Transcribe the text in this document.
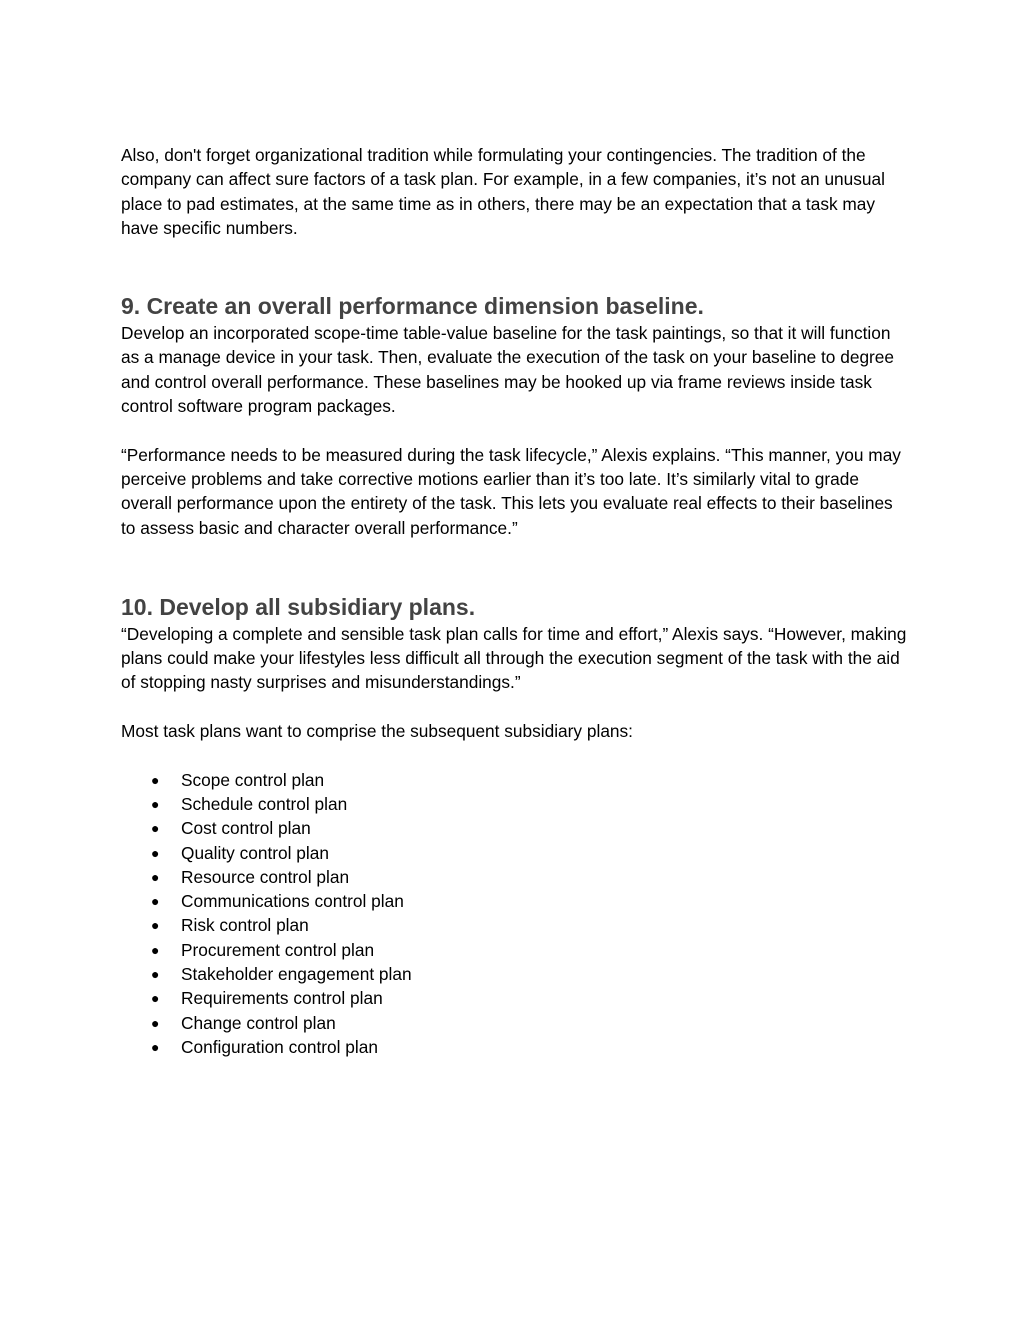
Also, don't forget organizational tradition while formulating your contingencies. The tradition of the company can affect sure factors of a task plan. For example, in a few companies, it’s not an unusual place to pad estimates, at the same time as in others, there may be an expectation that a task may have specific numbers.

9. Create an overall performance dimension baseline.

Develop an incorporated scope-time table-value baseline for the task paintings, so that it will function as a manage device in your task. Then, evaluate the execution of the task on your baseline to degree and control overall performance. These baselines may be hooked up via frame reviews inside task control software program packages.

“Performance needs to be measured during the task lifecycle,” Alexis explains. “This manner, you may perceive problems and take corrective motions earlier than it’s too late. It’s similarly vital to grade overall performance upon the entirety of the task. This lets you evaluate real effects to their baselines to assess basic and character overall performance.”

10. Develop all subsidiary plans.

“Developing a complete and sensible task plan calls for time and effort,” Alexis says. “However, making plans could make your lifestyles less difficult all through the execution segment of the task with the aid of stopping nasty surprises and misunderstandings.”

Most task plans want to comprise the subsequent subsidiary plans:

● Scope control plan
● Schedule control plan
● Cost control plan
● Quality control plan
● Resource control plan
● Communications control plan
● Risk control plan
● Procurement control plan
● Stakeholder engagement plan
● Requirements control plan
● Change control plan
● Configuration control plan
